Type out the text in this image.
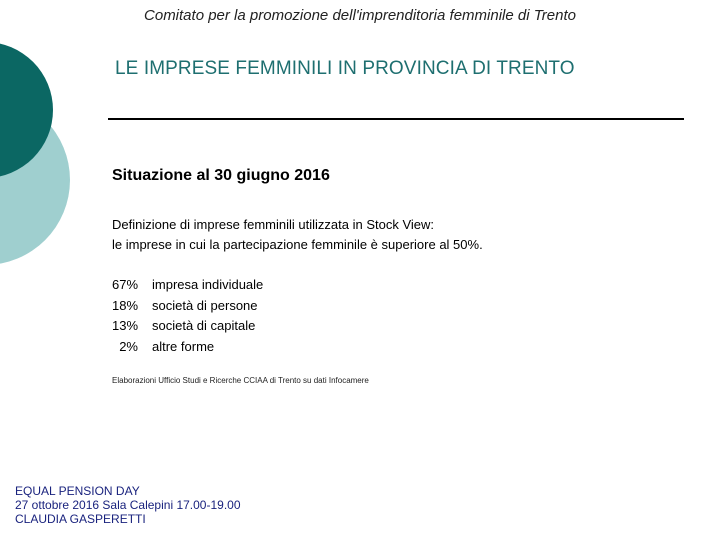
Comitato per la promozione dell'imprenditoria femminile di Trento
LE IMPRESE FEMMINILI IN PROVINCIA DI TRENTO
Situazione al 30 giugno 2016
Definizione di imprese femminili utilizzata in Stock View:
le imprese in cui la partecipazione femminile è superiore al 50%.
67% impresa individuale
18% società di persone
13% società di capitale
2% altre forme
Elaborazioni Ufficio Studi e Ricerche CCIAA di Trento su dati Infocamere
EQUAL PENSION DAY
27 ottobre 2016 Sala Calepini 17.00-19.00
CLAUDIA GASPERETTI
